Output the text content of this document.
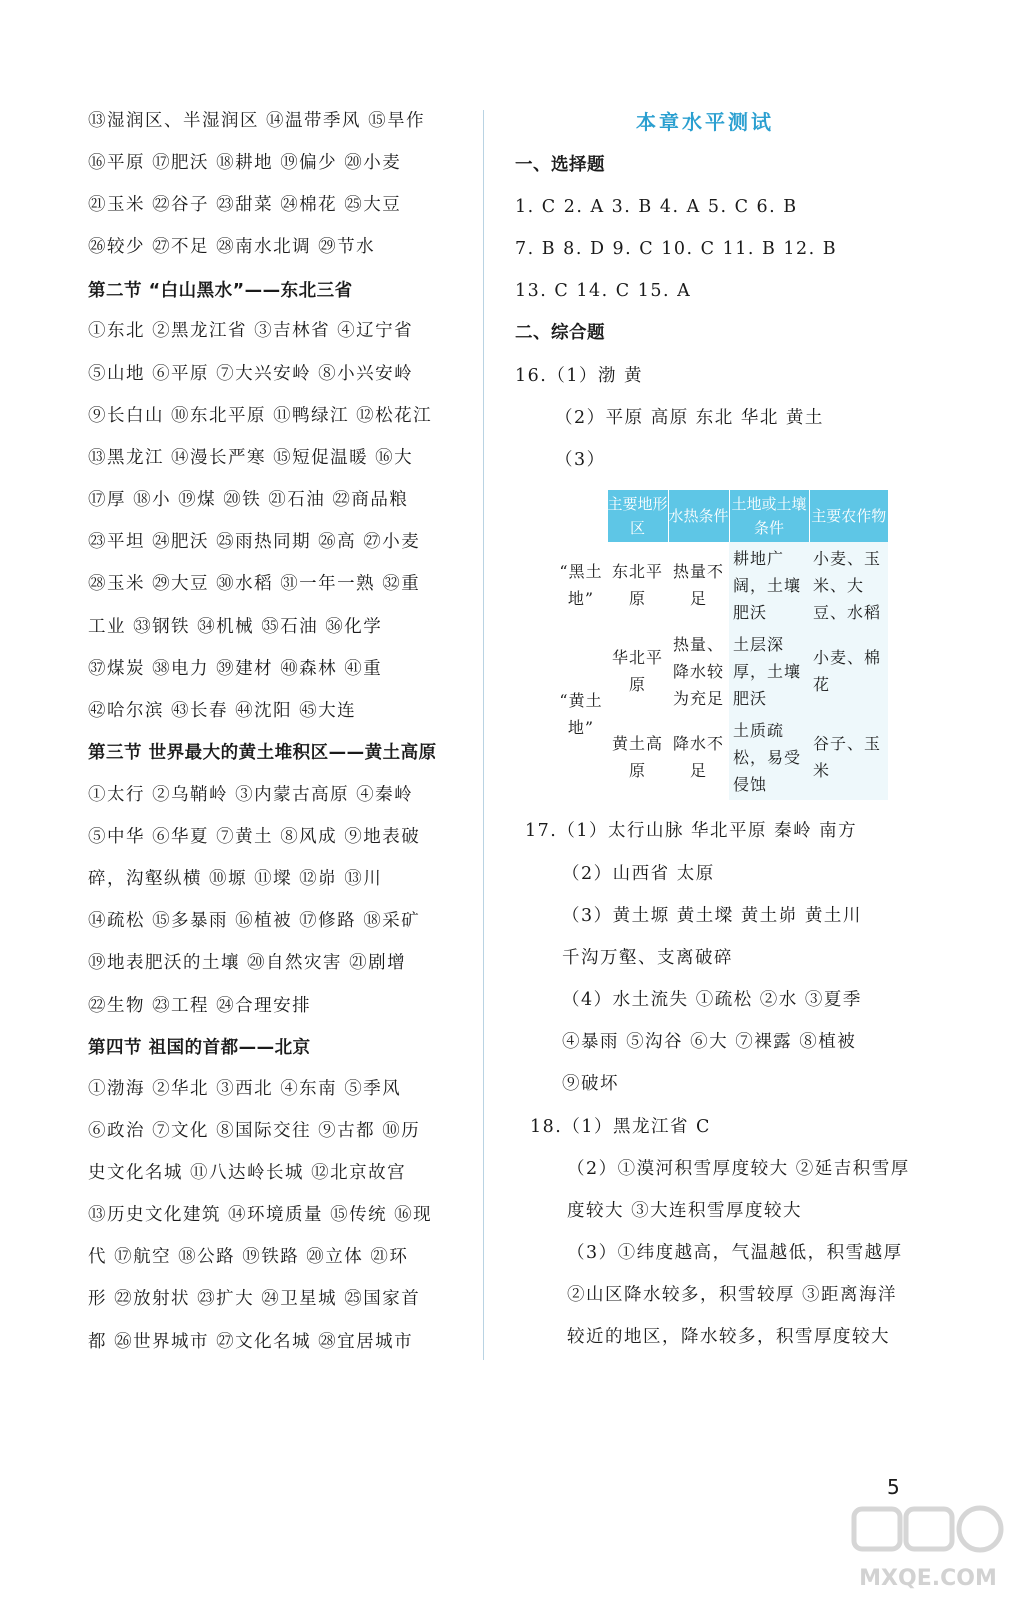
⑬湿润区、半湿润区 ⑭温带季风 ⑮旱作
⑯平原 ⑰肥沃 ⑱耕地 ⑲偏少 ⑳小麦
㉑玉米 ㉒谷子 ㉓甜菜 ㉔棉花 ㉕大豆
㉖较少 ㉗不足 ㉘南水北调 ㉙节水
第二节 “白山黑水”——东北三省
①东北 ②黑龙江省 ③吉林省 ④辽宁省
⑤山地 ⑥平原 ⑦大兴安岭 ⑧小兴安岭
⑨长白山 ⑩东北平原 ⑪鸭绿江 ⑫松花江
⑬黑龙江 ⑭漫长严寒 ⑮短促温暖 ⑯大
⑰厚 ⑱小 ⑲煤 ⑳铁 ㉑石油 ㉒商品粮
㉓平坦 ㉔肥沃 ㉕雨热同期 ㉖高 ㉗小麦
㉘玉米 ㉙大豆 ㉚水稻 ㉛一年一熟 ㉜重
工业 ㉝钢铁 ㉞机械 ㉟石油 ㊱化学
㊲煤炭 ㊳电力 ㊴建材 ㊵森林 ㊶重
㊷哈尔滨 ㊸长春 ㊹沈阳 ㊺大连
第三节 世界最大的黄土堆积区——黄土高原
①太行 ②乌鞘岭 ③内蒙古高原 ④秦岭
⑤中华 ⑥华夏 ⑦黄土 ⑧风成 ⑨地表破
碎，沟壑纵横 ⑩塬 ⑪墚 ⑫峁 ⑬川
⑭疏松 ⑮多暴雨 ⑯植被 ⑰修路 ⑱采矿
⑲地表肥沃的土壤 ⑳自然灾害 ㉑剧增
㉒生物 ㉓工程 ㉔合理安排
第四节 祖国的首都——北京
①渤海 ②华北 ③西北 ④东南 ⑤季风
⑥政治 ⑦文化 ⑧国际交往 ⑨古都 ⑩历
史文化名城 ⑪八达岭长城 ⑫北京故宫
⑬历史文化建筑 ⑭环境质量 ⑮传统 ⑯现
代 ⑰航空 ⑱公路 ⑲铁路 ⑳立体 ㉑环
形 ㉒放射状 ㉓扩大 ㉔卫星城 ㉕国家首
都 ㉖世界城市 ㉗文化名城 ㉘宜居城市
本章水平测试
一、选择题
1. C 2. A 3. B 4. A 5. C 6. B
7. B 8. D 9. C 10. C 11. B 12. B
13. C 14. C 15. A
二、综合题
16.（1）渤 黄
（2）平原 高原 东北 华北 黄土
（3）
17.（1）太行山脉 华北平原 秦岭 南方
（2）山西省 太原
（3）黄土塬 黄土墚 黄土峁 黄土川
千沟万壑、支离破碎
（4）水土流失 ①疏松 ②水 ③夏季
④暴雨 ⑤沟谷 ⑥大 ⑦裸露 ⑧植被
⑨破坏
18.（1）黑龙江省 C
（2）①漠河积雪厚度较大 ②延吉积雪厚
度较大 ③大连积雪厚度较大
（3）①纬度越高，气温越低，积雪越厚
②山区降水较多，积雪较厚 ③距离海洋
较近的地区，降水较多，积雪厚度较大
	主要地形区	水热条件	土地或土壤条件	主要农作物
“黑土地”	东北平原	热量不足	耕地广阔，土壤肥沃	小麦、玉米、大豆、水稻
“黄土地”	华北平原	热量、降水较为充足	土层深厚，土壤肥沃	小麦、棉花
	黄土高原	降水不足	土质疏松，易受侵蚀	谷子、玉米
5
MXQE.COM
